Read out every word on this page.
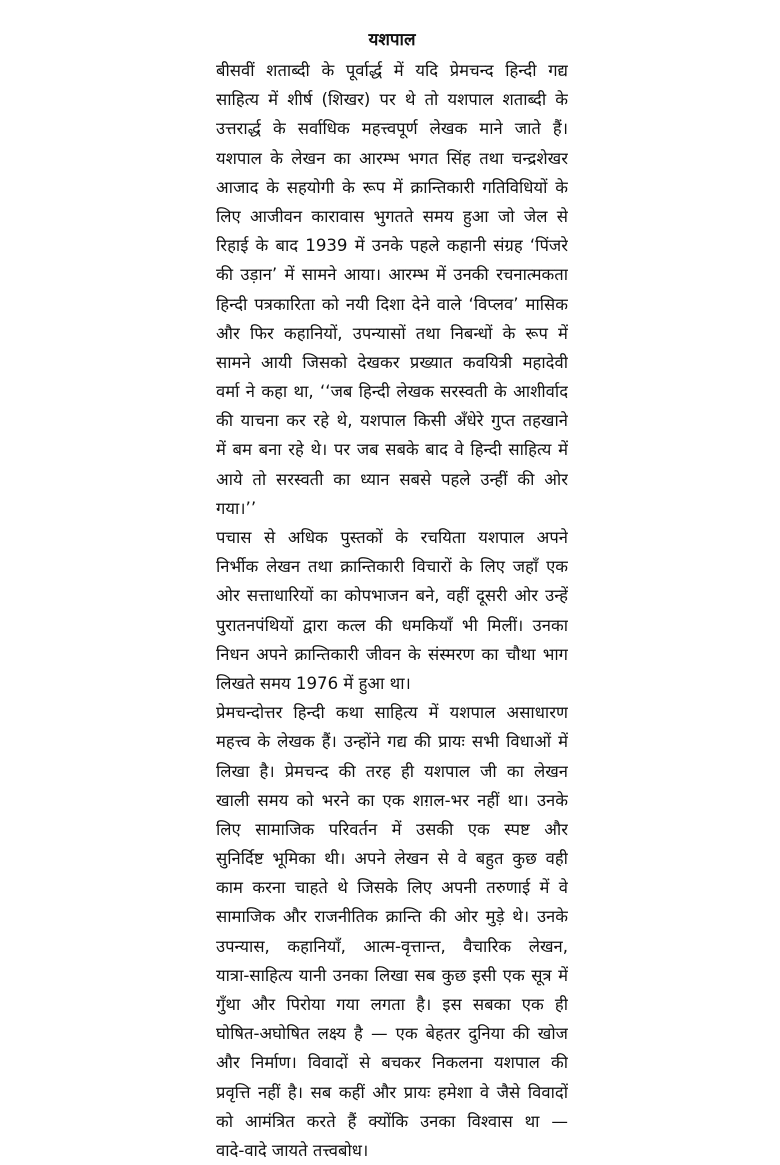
यशपाल
बीसवीं शताब्दी के पूर्वार्द्ध में यदि प्रेमचन्द हिन्दी गद्य
साहित्य में शीर्ष (शिखर) पर थे तो यशपाल शताब्दी के
उत्तरार्द्ध के सर्वाधिक महत्त्वपूर्ण लेखक माने जाते हैं।
यशपाल के लेखन का आरम्भ भगत सिंह तथा चन्द्रशेखर
आजाद के सहयोगी के रूप में क्रान्तिकारी गतिविधियों के
लिए आजीवन कारावास भुगतते समय हुआ जो जेल से
रिहाई के बाद 1939 में उनके पहले कहानी संग्रह ‘पिंजरे
की उड़ान’ में सामने आया। आरम्भ में उनकी रचनात्मकता
हिन्दी पत्रकारिता को नयी दिशा देने वाले ‘विप्लव’ मासिक
और फिर कहानियों, उपन्यासों तथा निबन्धों के रूप में
सामने आयी जिसको देखकर प्रख्यात कवयित्री महादेवी
वर्मा ने कहा था, ‘‘जब हिन्दी लेखक सरस्वती के आशीर्वाद
की याचना कर रहे थे, यशपाल किसी अँधेरे गुप्त तहखाने
में बम बना रहे थे। पर जब सबके बाद वे हिन्दी साहित्य में
आये तो सरस्वती का ध्यान सबसे पहले उन्हीं की ओर
गया।’’
पचास से अधिक पुस्तकों के रचयिता यशपाल अपने
निर्भीक लेखन तथा क्रान्तिकारी विचारों के लिए जहाँ एक
ओर सत्ताधारियों का कोपभाजन बने, वहीं दूसरी ओर उन्हें
पुरातनपंथियों द्वारा कत्ल की धमकियाँ भी मिलीं। उनका
निधन अपने क्रान्तिकारी जीवन के संस्मरण का चौथा भाग
लिखते समय 1976 में हुआ था।
प्रेमचन्दोत्तर हिन्दी कथा साहित्य में यशपाल असाधारण
महत्त्व के लेखक हैं। उन्होंने गद्य की प्रायः सभी विधाओं में
लिखा है। प्रेमचन्द की तरह ही यशपाल जी का लेखन
खाली समय को भरने का एक शग़ल-भर नहीं था। उनके
लिए सामाजिक परिवर्तन में उसकी एक स्पष्ट और
सुनिर्दिष्ट भूमिका थी। अपने लेखन से वे बहुत कुछ वही
काम करना चाहते थे जिसके लिए अपनी तरुणाई में वे
सामाजिक और राजनीतिक क्रान्ति की ओर मुड़े थे। उनके
उपन्यास, कहानियाँ, आत्म-वृत्तान्त, वैचारिक लेखन,
यात्रा-साहित्य यानी उनका लिखा सब कुछ इसी एक सूत्र में
गुँथा और पिरोया गया लगता है। इस सबका एक ही
घोषित-अघोषित लक्ष्य है — एक बेहतर दुनिया की खोज
और निर्माण। विवादों से बचकर निकलना यशपाल की
प्रवृत्ति नहीं है। सब कहीं और प्रायः हमेशा वे जैसे विवादों
को आमंत्रित करते हैं क्योंकि उनका विश्वास था —
वादे-वादे जायते तत्त्वबोध।
